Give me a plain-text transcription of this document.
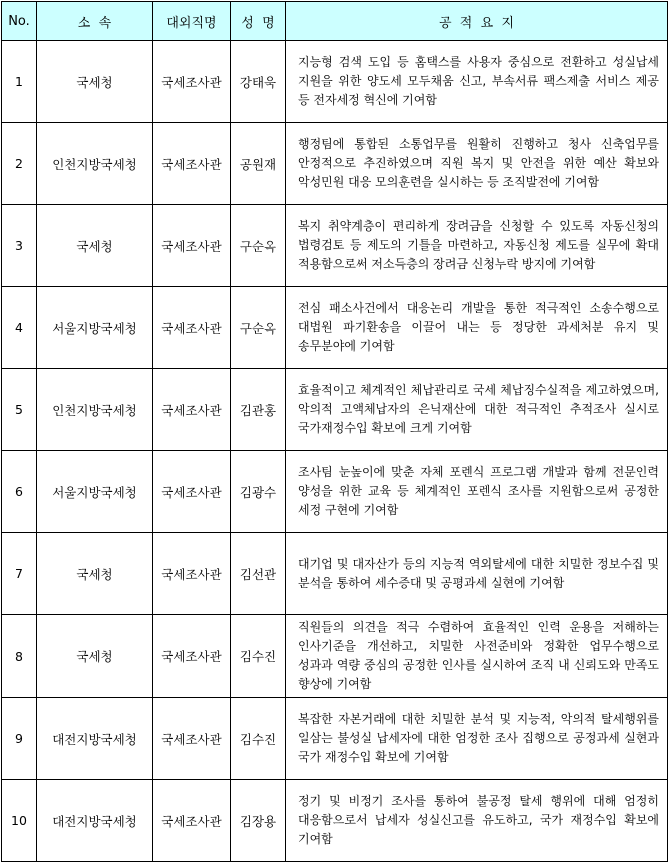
No.	소  속	대외직명	성  명	공  적  요  지
1	국세청	국세조사관	강태욱	지능형 검색 도입 등 홈택스를 사용자 중심으로 전환하고 성실납세 지원을 위한 양도세 모두채움 신고, 부속서류 팩스제출 서비스 제공 등 전자세정 혁신에 기여함
2	인천지방국세청	국세조사관	공원재	행정팀에 통합된 소통업무를 원활히 진행하고 청사 신축업무를 안정적으로 추진하였으며 직원 복지 및 안전을 위한 예산 확보와 악성민원 대응 모의훈련을 실시하는 등 조직발전에 기여함
3	국세청	국세조사관	구순옥	복지 취약계층이 편리하게 장려금을 신청할 수 있도록 자동신청의 법령검토 등 제도의 기틀을 마련하고, 자동신청 제도를 실무에 확대 적용함으로써 저소득층의 장려금 신청누락 방지에 기여함
4	서울지방국세청	국세조사관	구순옥	전심 패소사건에서 대응논리 개발을 통한 적극적인 소송수행으로 대법원 파기환송을 이끌어 내는 등 정당한 과세처분 유지 및 송무분야에 기여함
5	인천지방국세청	국세조사관	김관홍	효율적이고 체계적인 체납관리로 국세 체납징수실적을 제고하였으며, 악의적 고액체납자의 은닉재산에 대한 적극적인 추적조사 실시로 국가재정수입 확보에 크게 기여함
6	서울지방국세청	국세조사관	김광수	조사팀 눈높이에 맞춘 자체 포렌식 프로그램 개발과 함께 전문인력 양성을 위한 교육 등 체계적인 포렌식 조사를 지원함으로써 공정한 세정 구현에 기여함
7	국세청	국세조사관	김선관	대기업 및 대자산가 등의 지능적 역외탈세에 대한 치밀한 정보수집 및 분석을 통하여 세수증대 및 공평과세 실현에 기여함
8	국세청	국세조사관	김수진	직원들의 의견을 적극 수렴하여 효율적인 인력 운용을 저해하는 인사기준을 개선하고, 치밀한 사전준비와 정확한 업무수행으로 성과과 역량 중심의 공정한 인사를 실시하여 조직 내 신뢰도와 만족도 향상에 기여함
9	대전지방국세청	국세조사관	김수진	복잡한 자본거래에 대한 치밀한 분석 및 지능적, 악의적 탈세행위를 일삼는 불성실 납세자에 대한 엄정한 조사 집행으로 공정과세 실현과 국가 재정수입 확보에 기여함
10	대전지방국세청	국세조사관	김장용	정기 및 비정기 조사를 통하여 불공정 탈세 행위에 대해 엄정히 대응함으로서 납세자 성실신고를 유도하고, 국가 재정수입 확보에 기여함
